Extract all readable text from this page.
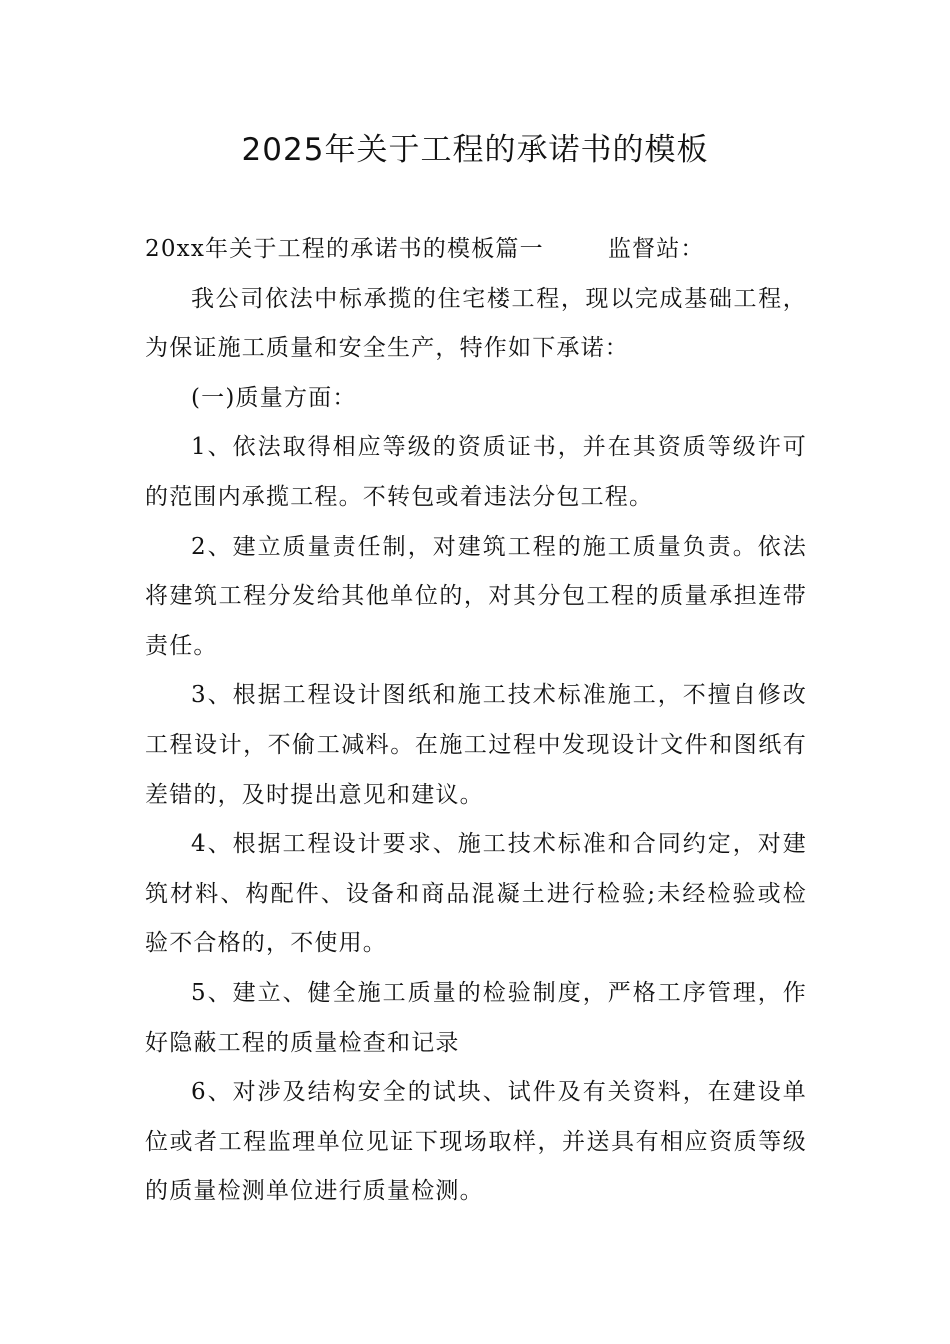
2025年关于工程的承诺书的模板

20xx年关于工程的承诺书的模板篇一	监督站：

我公司依法中标承揽的住宅楼工程，现以完成基础工程，为保证施工质量和安全生产，特作如下承诺：

(一)质量方面：

1、依法取得相应等级的资质证书，并在其资质等级许可的范围内承揽工程。不转包或着违法分包工程。

2、建立质量责任制，对建筑工程的施工质量负责。依法将建筑工程分发给其他单位的，对其分包工程的质量承担连带责任。

3、根据工程设计图纸和施工技术标准施工，不擅自修改工程设计，不偷工减料。在施工过程中发现设计文件和图纸有差错的，及时提出意见和建议。

4、根据工程设计要求、施工技术标准和合同约定，对建筑材料、构配件、设备和商品混凝土进行检验;未经检验或检验不合格的，不使用。

5、建立、健全施工质量的检验制度，严格工序管理，作好隐蔽工程的质量检查和记录

6、对涉及结构安全的试块、试件及有关资料，在建设单位或者工程监理单位见证下现场取样，并送具有相应资质等级的质量检测单位进行质量检测。
